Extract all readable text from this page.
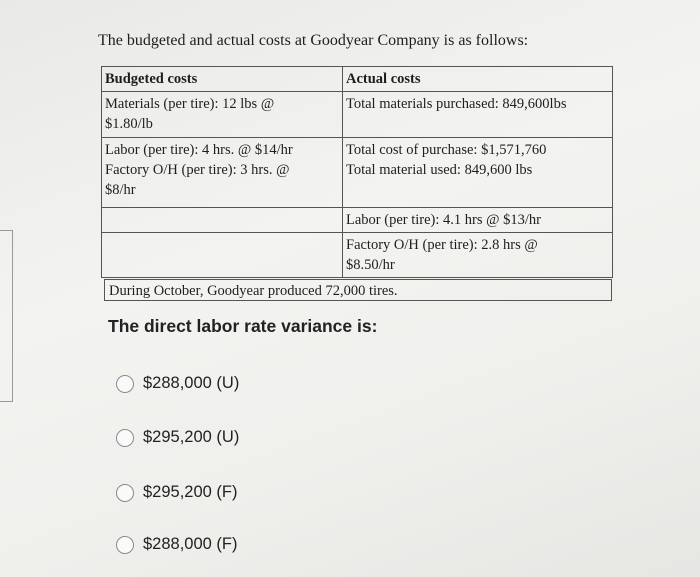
The budgeted and actual costs at Goodyear Company is as follows:
Budgeted costs	Actual costs
Materials (per tire): 12 lbs @
$1.80/lb	Total materials purchased: 849,600lbs
Labor (per tire): 4 hrs. @ $14/hr
Factory O/H (per tire): 3 hrs. @
$8/hr	Total cost of purchase: $1,571,760
Total material used: 849,600 lbs
	Labor (per tire): 4.1 hrs @ $13/hr
	Factory O/H (per tire): 2.8 hrs @
$8.50/hr
During October, Goodyear produced 72,000 tires.
The direct labor rate variance is:
$288,000 (U)
$295,200 (U)
$295,200 (F)
$288,000 (F)
